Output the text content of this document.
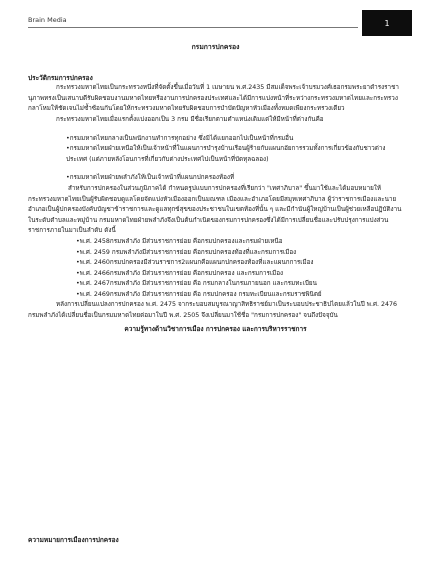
Brain Media	1

กรมการปกครอง

ประวัติกรมการปกครอง

กระทรวงมหาดไทยเป็นกระทรวงหนึ่งที่จัดตั้งขึ้นเมื่อวันที่ 1 เมษายน พ.ศ.2435 มีสมเด็จพระเจ้าบรมวงศ์เธอกรมพระยาดำรงราชานุภาพทรงเป็นเสนาบดีรับผิดชอบงานมหาดไทยหรืองานการปกครองประเทศและได้มีการแบ่งหน้าที่ระหว่างกระทรวงมหาดไทยและกระทรวงกลาโหมให้ชัดเจนไม่ซ้ำซ้อนกันโดยให้กระทรวงมหาดไทยรับผิดชอบการบำบัดปัญหาหัวเมืองทั้งหมดเพียงกระทรวงเดียว

กระทรวงมหาดไทยเมื่อแรกตั้งแบ่งออกเป็น 3 กรม มีชื่อเรียกตามตำแหน่งเดิมแต่ให้มีหน้าที่ต่างกันคือ

•กรมมหาดไทยกลางเป็นพนักงานทำการทุกอย่าง ซึ่งมิได้แยกออกไปเป็นหน้าที่กรมอื่น

•กรมมหาดไทยฝ่ายเหนือให้เป็นเจ้าหน้าที่ในแผนการบำรุงบ้านเรือนผู้ร้ายกับแผนกอัยการรวมทั้งการเกี่ยวข้องกับชาวต่างประเทศ (แต่ภายหลังโอนการที่เกี่ยวกับต่างประเทศไปเป็นหน้าที่บัดทุลฉลอง)

•กรมมหาดไทยฝ่ายพลำภังให้เป็นเจ้าหน้าที่แผนกปกครองท้องที่

สำหรับการปกครองในส่วนภูมิภาคได้ กำหนดรูปแบบการปกครองที่เรียกว่า "เทศาภิบาล" ขึ้นมาใช้และได้มอบหมายให้กระทรวงมหาดไทยเป็นผู้รับผิดชอบดูแลโดยจัดแบ่งหัวเมืองออกเป็นมณฑล เมืองและอำเภอโดยมีสมุหเทศาภิบาล ผู้ว่าราชการเมืองและนายอำเภอเป็นผู้ปกครองบังคับบัญชาข้าราชการและดูแลทุกข์สุขของประชาชนในเขตท้องที่นั้น ๆ และมีกำนันผู้ใหญ่บ้านเป็นผู้ช่วยเหลือปฏิบัติงานในระดับตำบลและหมู่บ้าน กรมมหาดไทยฝ่ายพลำภังจึงเป็นต้นกำเนิดของกรมการปกครองซึ่งได้มีการเปลี่ยนชื่อและปรับปรุงการแบ่งส่วนราชการภายในมาเป็นลำดับ ดังนี้

•พ.ศ. 2458กรมพลำภัง มีส่วนราชการย่อย คือกรมปกครองและกรมฝ่ายเหนือ

•พ.ศ. 2459 กรมพลำภังมีส่วนราชการย่อย คือกรมปกครองท้องที่และกรมการเมือง

•พ.ศ. 2460กรมปกครองมีส่วนราชการ2แผนกคือแผนกปกครองท้องที่และแผนกการเมือง

•พ.ศ. 2466กรมพลำภัง มีส่วนราชการย่อย คือกรมปกครอง และกรมการเมือง

•พ.ศ. 2467กรมพลำภัง มีส่วนราชการย่อย คือ กรมกลางในกรมภายนอก และกรมทะเบียน

•พ.ศ. 2469กรมพลำภัง มีส่วนราชการย่อย คือ กรมปกครอง กรมทะเบียนและกรมราชพินิตย์

หลังการเปลี่ยนแปลงการปกครอง พ.ศ. 2475 จากระบอบสมบูรณาญาสิทธิราชย์มาเป็นระบอบประชาธิปไตยแล้วในปี พ.ศ. 2476 กรมพลำภังได้เปลี่ยนชื่อเป็นกรมมหาดไทยต่อมาในปี พ.ศ. 2505 จึงเปลี่ยนมาใช้ชื่อ "กรมการปกครอง" จนถึงปัจจุบัน

ความรู้ทางด้านวิชาการเมือง การปกครอง และการบริหารราชการ

ความหมายการเมืองการปกครอง
